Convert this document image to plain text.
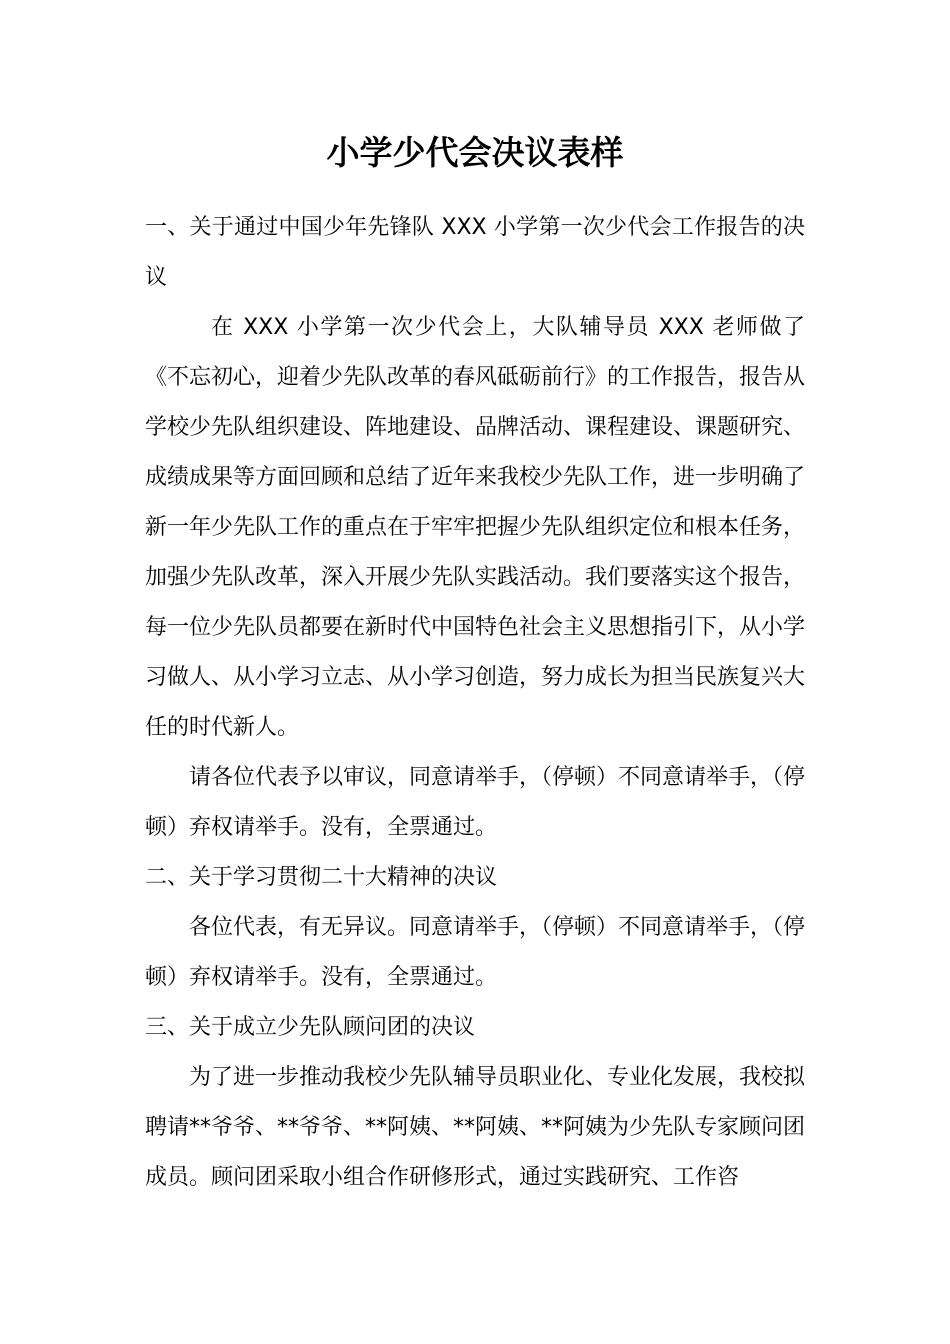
小学少代会决议表样

一、关于通过中国少年先锋队 XXX 小学第一次少代会工作报告的决议

在 XXX 小学第一次少代会上，大队辅导员 XXX 老师做了《不忘初心，迎着少先队改革的春风砥砺前行》的工作报告，报告从学校少先队组织建设、阵地建设、品牌活动、课程建设、课题研究、成绩成果等方面回顾和总结了近年来我校少先队工作，进一步明确了新一年少先队工作的重点在于牢牢把握少先队组织定位和根本任务，加强少先队改革，深入开展少先队实践活动。我们要落实这个报告，每一位少先队员都要在新时代中国特色社会主义思想指引下，从小学习做人、从小学习立志、从小学习创造，努力成长为担当民族复兴大任的时代新人。

请各位代表予以审议，同意请举手，（停顿）不同意请举手，（停顿）弃权请举手。没有，全票通过。

二、关于学习贯彻二十大精神的决议

各位代表，有无异议。同意请举手，（停顿）不同意请举手，（停顿）弃权请举手。没有，全票通过。

三、关于成立少先队顾问团的决议

为了进一步推动我校少先队辅导员职业化、专业化发展，我校拟聘请**爷爷、**爷爷、**阿姨、**阿姨、**阿姨为少先队专家顾问团成员。顾问团采取小组合作研修形式，通过实践研究、工作咨
